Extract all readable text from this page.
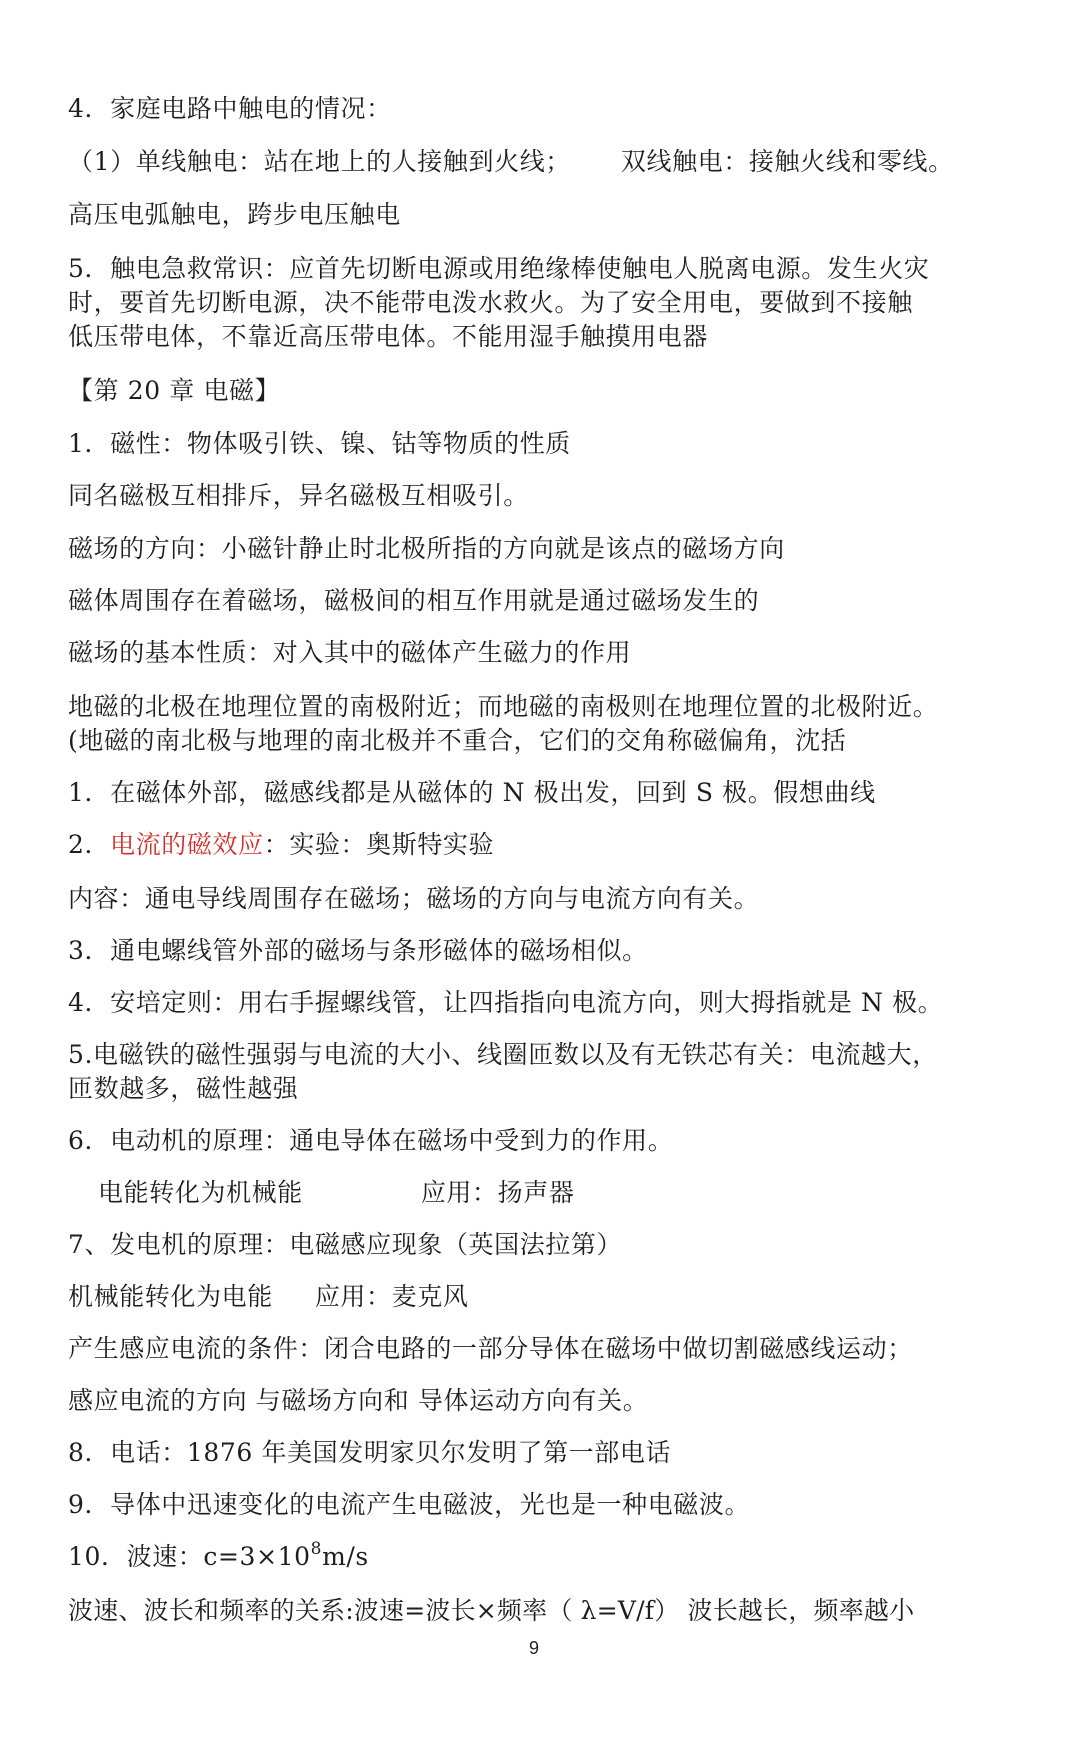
4．家庭电路中触电的情况：
（1）单线触电：站在地上的人接触到火线； 双线触电：接触火线和零线。
高压电弧触电，跨步电压触电
5．触电急救常识：应首先切断电源或用绝缘棒使触电人脱离电源。发生火灾
时，要首先切断电源，决不能带电泼水救火。为了安全用电，要做到不接触
低压带电体，不靠近高压带电体。不能用湿手触摸用电器
【第 20 章 电磁】
1．磁性：物体吸引铁、镍、钴等物质的性质
同名磁极互相排斥，异名磁极互相吸引。
磁场的方向：小磁针静止时北极所指的方向就是该点的磁场方向
磁体周围存在着磁场，磁极间的相互作用就是通过磁场发生的
磁场的基本性质：对入其中的磁体产生磁力的作用
地磁的北极在地理位置的南极附近；而地磁的南极则在地理位置的北极附近。
(地磁的南北极与地理的南北极并不重合，它们的交角称磁偏角，沈括
1．在磁体外部，磁感线都是从磁体的 N 极出发，回到 S 极。假想曲线
2．电流的磁效应：实验：奥斯特实验
内容：通电导线周围存在磁场；磁场的方向与电流方向有关。
3．通电螺线管外部的磁场与条形磁体的磁场相似。
4．安培定则：用右手握螺线管，让四指指向电流方向，则大拇指就是 N 极。
5.电磁铁的磁性强弱与电流的大小、线圈匝数以及有无铁芯有关：电流越大，
匝数越多，磁性越强
6．电动机的原理：通电导体在磁场中受到力的作用。
电能转化为机械能	应用：扬声器
7、发电机的原理：电磁感应现象（英国法拉第）
机械能转化为电能 应用：麦克风
产生感应电流的条件：闭合电路的一部分导体在磁场中做切割磁感线运动；
感应电流的方向 与磁场方向和 导体运动方向有关。
8．电话：1876 年美国发明家贝尔发明了第一部电话
9．导体中迅速变化的电流产生电磁波，光也是一种电磁波。
10．波速：$c=3\times 10^8m/s$
波速、波长和频率的关系:波速=波长×频率（ λ=V/f） 波长越长，频率越小
9
